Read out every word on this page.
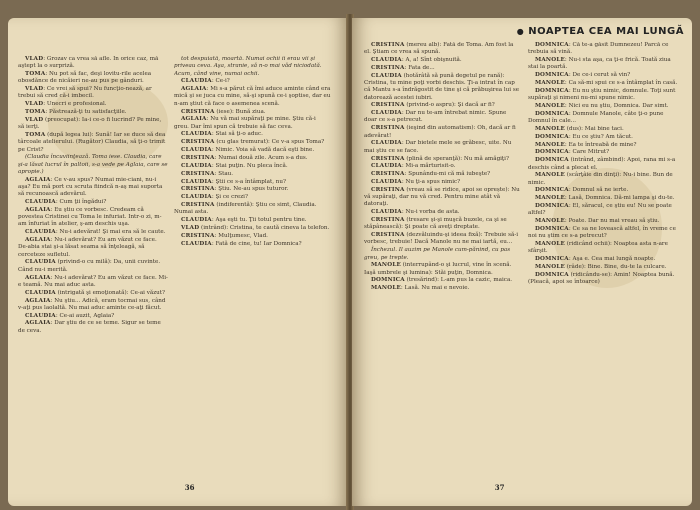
VLAD: Grozav ca vrea să afle. În orice caz, mă aştept la o surpriză.

TOMA: Nu pot să fac, deşi lovitu-rile acelea obosdănce de nicăieri ne-au pus pe gânduri.

VLAD: Ce vrei să spui? Nu funcţio-nează, ar trebui să cred că-i imbecil.

VLAD: Unecri e profesional.

TOMA: Păstrează-ţi tu satisfacţiile.

VLAD (preocupat): Ia-i ce-o fi lucrind? Pe mine, să ierţi.

TOMA (după legea lui): Sună! Iar se duce să dea târcoale atelierului. (Rugător) Claudia, să ţi-o trimit pe Crist?

(Claudia încuviinţează. Toma iese. Claudia, care şi-a lăsat lucrul în paltoii, s-a vede pe Aglaia, care se apropie.)

AGLAIA: Ce v-au spus? Numai mie-ciani, nu-i aşa? Eu mă port cu scruta fiindcă n-aş mai suporta să recunoască adevărul.

CLAUDIA: Cum ţii îngădui?

AGLAIA: Eu ştiu ce vorbesc. Credeam că povestea Cristinei cu Toma le infuriat. Intr-o zi, m-am înfuriat în atelier, ş-am deschis uşa.

CLAUDIA: Nu-i adevărat! Şi mai era să le caute.

AGLAIA: Nu-i adevărat? Eu am văzut ce face. De-abia stai şi-a lăsat seama să înţeleagă, să cerceteze sufletul.

CLAUDIA (privind-o cu milă): Da, unii cuvinte. Când nu-i merită.

AGLAIA: Nu-i adevărat? Eu am văzut ce face. Mi-e teamă. Nu mai aduc asta.

CLAUDIA (intrigată şi emoţionată): Ce-ai văzut?

AGLAIA: Nu ştiu... Adică, eram tocmai sus, când v-aţi pus laolaltă. Nu mai aduc aminte ce-aţi făcut.

CLAUDIA: Ce-ai auzit, Aglaia?

AGLAIA: Dar ştiu de ce se teme. Sigur se teme de ceva.

tot despuiată, moartă. Numai ochii ii erau vii şi priveau ceva. Aşa, stranie, să n-o mai văd niciodată. Acum, când vine, numai ochii.

CLAUDIA: Ce-i?

AGLAIA: Mi s-a părut că îmi aduce aminte când era mică şi se juca cu mine, să-şi spună ce-i şoptise, dar eu n-am ştiut că face o asemenea scenă.

CRISTINA (iese): Bună ziua.

AGLAIA: Nu vă mai supăraţi pe mine. Ştiu că-i greu. Dar îmi spun că trebuie să fac ceva.

CLAUDIA: Stai să ţi-o aduc.

CRISTINA (cu glas tremurat): Ce v-a spus Toma?

CLAUDIA: Nimic. Voia să vadă dacă eşti bine.

CRISTINA: Numai două zile. Acum s-a dus.

CLAUDIA: Stai puţin. Nu pleca încă.

CRISTINA: Stau.

CLAUDIA: Ştii ce s-a întâmplat, nu?

CRISTINA: Ştiu. Ne-au spus tuturor.

CLAUDIA: Şi ce crezi?

CRISTINA (indiferentă): Ştiu ce simt, Claudia. Numai asta.

CLAUDIA: Aşa eşti tu. Ţii totul pentru tine.

VLAD (intrând): Cristina, te caută cineva la telefon.

CRISTINA: Mulţumesc, Vlad.

CLAUDIA: Fată de cine, tu! Iar Domnica?

36
● NOAPTEA CEA MAI LUNGĂ

CRISTINA (mereu alb): Fată de Toma. Am fost la el. Ştiam ce vrea să spună.

CLAUDIA: A, a! Sînt obişnuită.

CRISTINA: Fata de...

CLAUDIA (hotărâtă să pună degetul pe rană): Cristina, tu mine poţi vorbi deschis. Ţi-a intrat în cap că Mantu s-a îndrăgostit de tine şi că prăbuşirea lui se datorează acestei iubiri.

CRISTINA (privind-o aspru): Şi dacă ar fi?

CLAUDIA: Dar nu te-am întrebat nimic. Spune doar ce s-a petrecut.

CRISTINA (ieşind din automatism): Oh, dacă ar fi adevărat!

CLAUDIA: Dar bietele mele se grăbesc, uite. Nu mai ştiu ce se face.

CRISTINA (plină de speranţă): Nu mă amăgiţi?

CLAUDIA: Mi-a mărturisit-o.

CRISTINA: Spunându-mi că mă iubeşte?

CLAUDIA: Nu ţi-a spus nimic?

CRISTINA (vreau să se ridice, apoi se oprește): Nu vă supăraţi, dar nu vă cred. Pentru mine atât vă datoraţi.

CLAUDIA: Nu-i vorba de asta.

CRISTINA (tresare şi-şi muşcă buzele, ca şi se stăpânească): Şi poate că aveţi dreptate.

CRISTINA (dezvăluindu-şi ideea fixă): Trebuie să-i vorbesc, trebuie! Dacă Manole nu ne mai iartă, eu...

Închezul. Il auzim pe Manole cum-pănind, cu pas greu, pe trepte.

MANOLE (interrupând-o şi lucrul, vine în scenă. Iaşă umbrele şi lumina): Stăi puţin, Domnica.

DOMNICA (tresărind): L-am pus la cazic, maica.

MANOLE: Lasă. Nu mai e nevoie.

DOMNICA: Că te-a găsit Dumnezeu! Parcă ce trebuia să vină.

MANOLE: Nu-i sta aşa, ca ţi-e frică. Toată ziua stai la poartă.

DOMNICA: De ce-i cerut să vin?

MANOLE: Ca să-mi spui ce s-a întâmplat în casă.

DOMNICA: Eu nu ştiu nimic, domnule. Toţi sunt supăraţi şi nimeni nu-mi spune nimic.

MANOLE: Nici eu nu ştiu, Domnica. Dar simt.

DOMNICA: Domnule Manole, câte ţi-o pune Domnul în cale...

MANOLE (dus): Mai bine taci.

DOMNICA: Eu ce ştiu? Am tăcut.

MANOLE: Ea te întreabă de mine?

DOMNICA: Care Mitrut?

DOMNICA (intrând, zâmbind): Apoi, rana mi s-a deschis când a plecat el.

MANOLE (scârţâie din dinţi): Nu-i bine. Bun de nimic.

DOMNICA: Domnul să ne ierte.

MANOLE: Lasă, Domnica. Dă-mi lampa şi du-te.

DOMNICA: El, săracul, ce ştiu eu! Nu se poate altfel?

MANOLE: Poate. Dar nu mai vreau să ştiu.

DOMNICA: Ce sa ne lovească altfel, în vreme ce noi nu ştim ce s-a petrecut?

MANOLE (ridicând ochii): Noaptea asta n-are sfârşit.

DOMNICA: Aşa e. Cea mai lungă noapte.

MANOLE (râde): Bine. Bine, du-te la culcare.

DOMNICA (ridicându-se): Amin! Noaptea bună. (Pleacă, apoi se întoarce)

37
